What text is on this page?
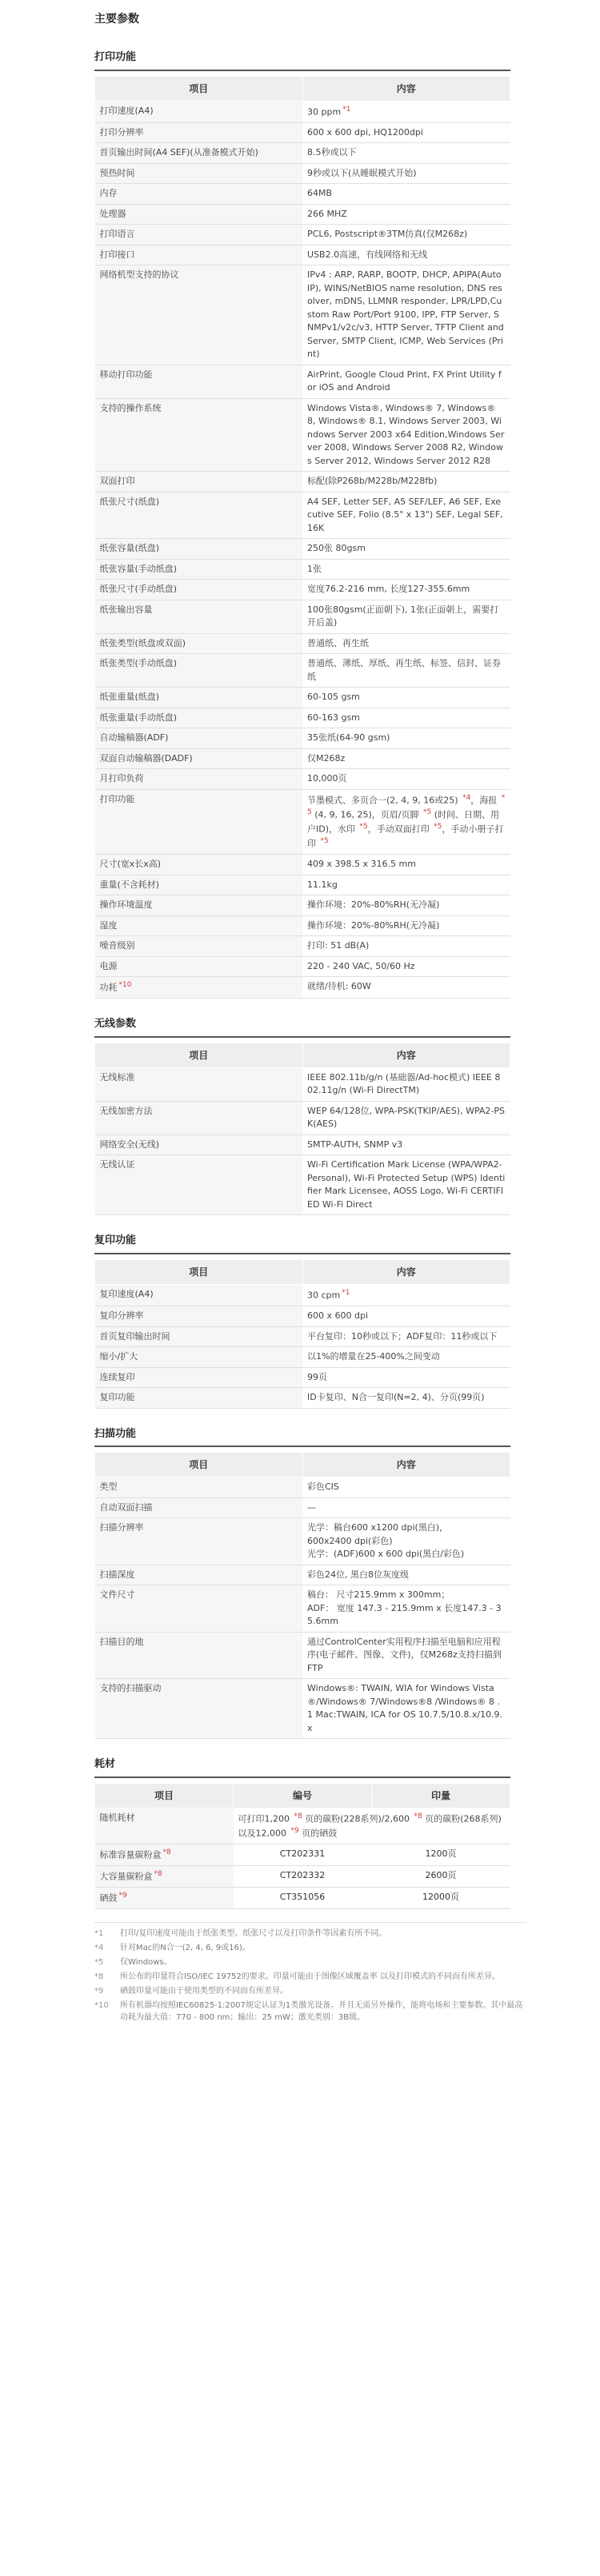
主要参数
打印功能
项目	内容
打印速度(A4)	30 ppm $^{*1}$
打印分辨率	600 x 600 dpi, HQ1200dpi
首页输出时间(A4 SEF)(从准备模式开始)	8.5秒或以下
预热时间	9秒或以下(从睡眠模式开始)
内存	64MB
处理器	266 MHZ
打印语言	PCL6, Postscript®3TM仿真(仅M268z)
打印接口	USB2.0高速，有线网络和无线
网络机型支持的协议	IPv4 : ARP, RARP, BOOTP, DHCP, APIPA(Auto IP), WINS/NetBIOS name resolution, DNS resolver, mDNS, LLMNR responder, LPR/LPD,Custom Raw Port/Port 9100, IPP, FTP Server, SNMPv1/v2c/v3, HTTP Server, TFTP Client and Server, SMTP Client, ICMP, Web Services (Print)
移动打印功能	AirPrint, Google Cloud Print, FX Print Utility for iOS and Android
支持的操作系统	Windows Vista®, Windows® 7, Windows® 8, Windows® 8.1, Windows Server 2003, Windows Server 2003 x64 Edition,Windows Server 2008, Windows Server 2008 R2, Windows Server 2012, Windows Server 2012 R28
双面打印	标配(除P268b/M228b/M228fb)
纸张尺寸(纸盘)	A4 SEF, Letter SEF, A5 SEF/LEF, A6 SEF, Executive SEF, Folio (8.5" x 13") SEF, Legal SEF, 16K
纸张容量(纸盘)	250张 80gsm
纸张容量(手动纸盘)	1张
纸张尺寸(手动纸盘)	宽度76.2-216 mm, 长度127-355.6mm
纸张输出容量	100张80gsm(正面朝下), 1张(正面朝上，需要打开后盖)
纸张类型(纸盘或双面)	普通纸、再生纸
纸张类型(手动纸盘)	普通纸、薄纸、厚纸、再生纸、标签、信封、证券纸
纸张重量(纸盘)	60-105 gsm
纸张重量(手动纸盘)	60-163 gsm
自动输稿器(ADF)	35张纸(64-90 gsm)
双面自动输稿器(DADF)	仅M268z
月打印负荷	10,000页
打印功能	节墨模式、多页合一(2, 4, 9, 16或25) $^{*4}$，海报 $^{*5}$ (4, 9, 16, 25)，页眉/页脚 $^{*5}$ (时间、日期、用户ID)，水印 $^{*5}$，手动双面打印 $^{*5}$，手动小册子打印 $^{*5}$
尺寸(宽x长x高)	409 x 398.5 x 316.5 mm
重量(不含耗材)	11.1kg
操作环境温度	操作环境：20%-80%RH(无冷凝)
湿度	操作环境：20%-80%RH(无冷凝)
噪音级别	打印: 51 dB(A)
电源	220 - 240 VAC, 50/60 Hz
功耗 $^{*10}$	就绪/待机: 60W
无线参数
项目	内容
无线标准	IEEE 802.11b/g/n (基础器/Ad-hoc模式) IEEE 802.11g/n (Wi-Fi DirectTM)
无线加密方法	WEP 64/128位, WPA-PSK(TKIP/AES), WPA2-PSK(AES)
网络安全(无线)	SMTP-AUTH, SNMP v3
无线认证	Wi-Fi Certification Mark License (WPA/WPA2-Personal), Wi-Fi Protected Setup (WPS) Identifier Mark Licensee, AOSS Logo, Wi-Fi CERTIFIED Wi-Fi Direct
复印功能
项目	内容
复印速度(A4)	30 cpm $^{*1}$
复印分辨率	600 x 600 dpi
首页复印输出时间	平台复印：10秒或以下；ADF复印：11秒或以下
缩小/扩大	以1%的增量在25-400%之间变动
连续复印	99页
复印功能	ID卡复印、N合一复印(N=2, 4)、分页(99页)
扫描功能
项目	内容
类型	彩色CIS
自动双面扫描	—
扫描分辨率	光学：稿台600 x1200 dpi(黑白)，
600x2400 dpi(彩色)
光学：(ADF)600 x 600 dpi(黑白/彩色)
扫描深度	彩色24位, 黑白8位灰度级
文件尺寸	稿台： 尺寸215.9mm x 300mm；
ADF： 宽度 147.3 - 215.9mm x 长度147.3 - 35.6mm
扫描目的地	通过ControlCenter实用程序扫描至电脑和应用程序(电子邮件、图像、文件)，仅M268z支持扫描到FTP
支持的扫描驱动	Windows®: TWAIN, WIA for Windows Vista®/Windows® 7/Windows®8 /Windows® 8 .1 Mac:TWAIN, ICA for OS 10.7.5/10.8.x/10.9.x
耗材
项目	编号	印量
随机耗材	可打印1,200 $^{*8}$ 页的碳粉(228系列)/2,600 $^{*8}$ 页的碳粉(268系列)以及12,000 $^{*9}$ 页的硒鼓	
标准容量碳粉盒 $^{*8}$	CT202331	1200页
大容量碳粉盒 $^{*8}$	CT202332	2600页
硒鼓 $^{*9}$	CT351056	12000页
*1	打印/复印速度可能由于纸张类型、纸张尺寸以及打印条件等因素有所不同。
*4	针对Mac的N合一(2, 4, 6, 9或16)。
*5	仅Windows。
*8	所公布的印量符合ISO/IEC 19752的要求。印量可能由于图像区域覆盖率 以及打印模式的不同而有所差异。
*9	硒鼓印量可能由于使用类型的不同而有所差异。
*10	所有机器均按照IEC60825-1:2007规定认证为1类激光设备。并且无需另外操作，能将电场和主要参数。其中最高功耗为最大值：770 - 800 nm；输出：25 mW；激光类别：3B级。
